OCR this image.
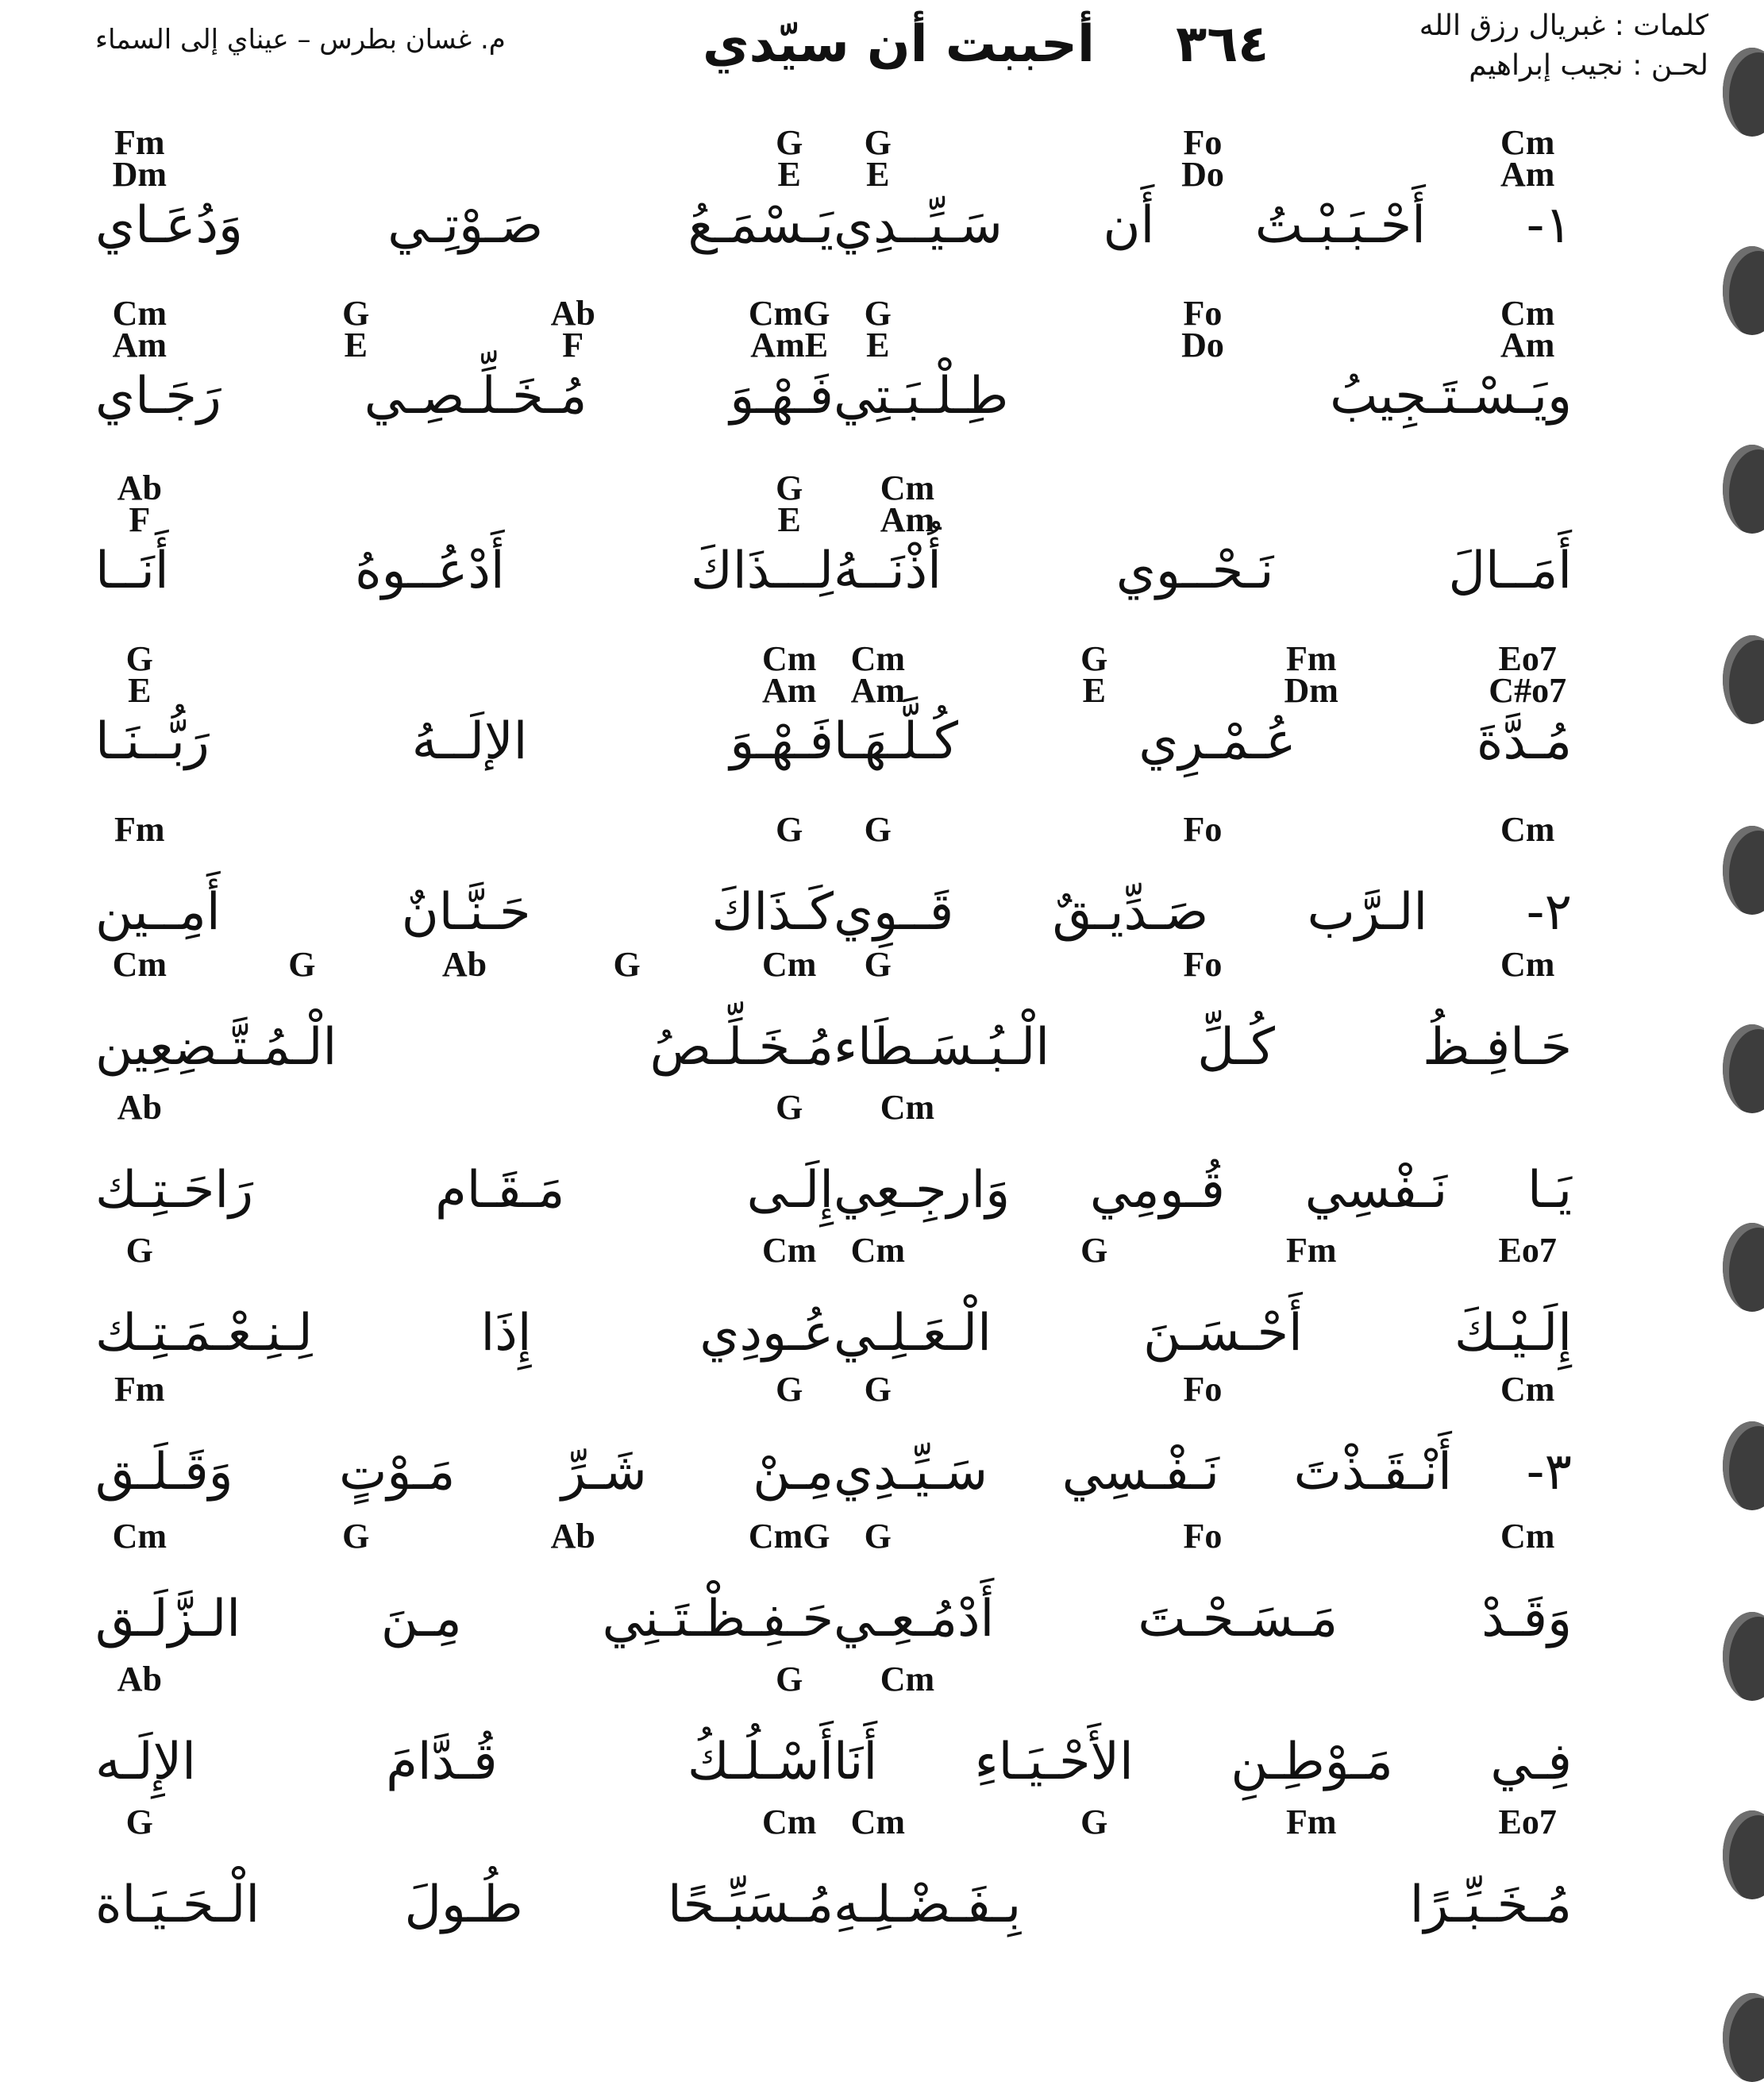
كلمات : غبريال رزق الله
لحـن : نجيب إبراهيم
٣٦٤ أحببت أن سيّدي
م. غسان بطرس – عيناي إلى السماء
Fm
Dm
G
E
يَـسْمَـعُ صَـوْتِـي وَدُعَـاي
Cm
Am
Fo
Do
G
E
١- أَحْـبَـبْـتُ أَن سَـيِّــدِي
Cm
Am
G
E
Ab
F
CmG
AmE
فَـهْـوَ مُـخَـلِّـصِـي رَجَـاي
Cm
Am
Fo
Do
G
E
ويَـسْـتَـجِيبُ طِـلْـبَـتِي
Ab
F
G
E
لِـــذَاكَ أَدْعُــوهُ أَنَــا
Cm
Am
أَمَــالَ نَـحْــوي أُذْنَــهُ
G
E
Cm
Am
فَـهْـوَ الإلَــهُ رَبُّــنَـا
Eo7
C#o7
Fm
Dm
G
E
Cm
Am
مُـدَّةَ عُـمْـرِي كُـلَّـهَـا
Fm	G
كَـذَاكَ حَـنَّـانٌ أَمِــين
Cm
Fo
G
٢- الـرَّب صَـدِّيـقٌ قَــوِي
Cm	G	Ab	G	Cm
مُـخَـلِّـصُ الْـمُـتَّـضِعِين
Cm
Fo
G
حَـافِـظُ كُـلِّ الْـبُـسَـطَاء
Ab	G
إِلَـى مَـقَـام رَاحَـتِـك
Cm
يَـا نَـفْسِي قُـومِي وَارجِـعِي
G	Cm
عُـودِي إِذَا لِـنِـعْـمَـتِـك
Eo7
Fm
G
Cm
إِلَـيْـكَ أَحْـسَـنَ الْـعَـلِـي
Fm	G
مِـنْ شَـرِّ مَـوْتٍ وَقَـلَـق
Cm
Fo
G
٣- أَنْـقَـذْتَ نَـفْـسِي سَـيِّـدِي
Cm	G	Ab	CmG
حَـفِـظْـتَـنِي مِـنَ الـزَّلَـق
Cm
Fo
G
وَقَـدْ مَـسَـحْـتَ أَدْمُـعِـي
Ab	G
أَسْـلُـكُ قُـدَّامَ الإِلَـه
Cm
فِـي مَـوْطِـنِ الأَحْـيَـاءِ أَنَا
G	Cm
مُـسَبِّـحًا طُـولَ الْـحَـيَـاة
Eo7
Fm
G
Cm
مُـخَـبِّـرًا بِـفَـضْـلِـهِ
